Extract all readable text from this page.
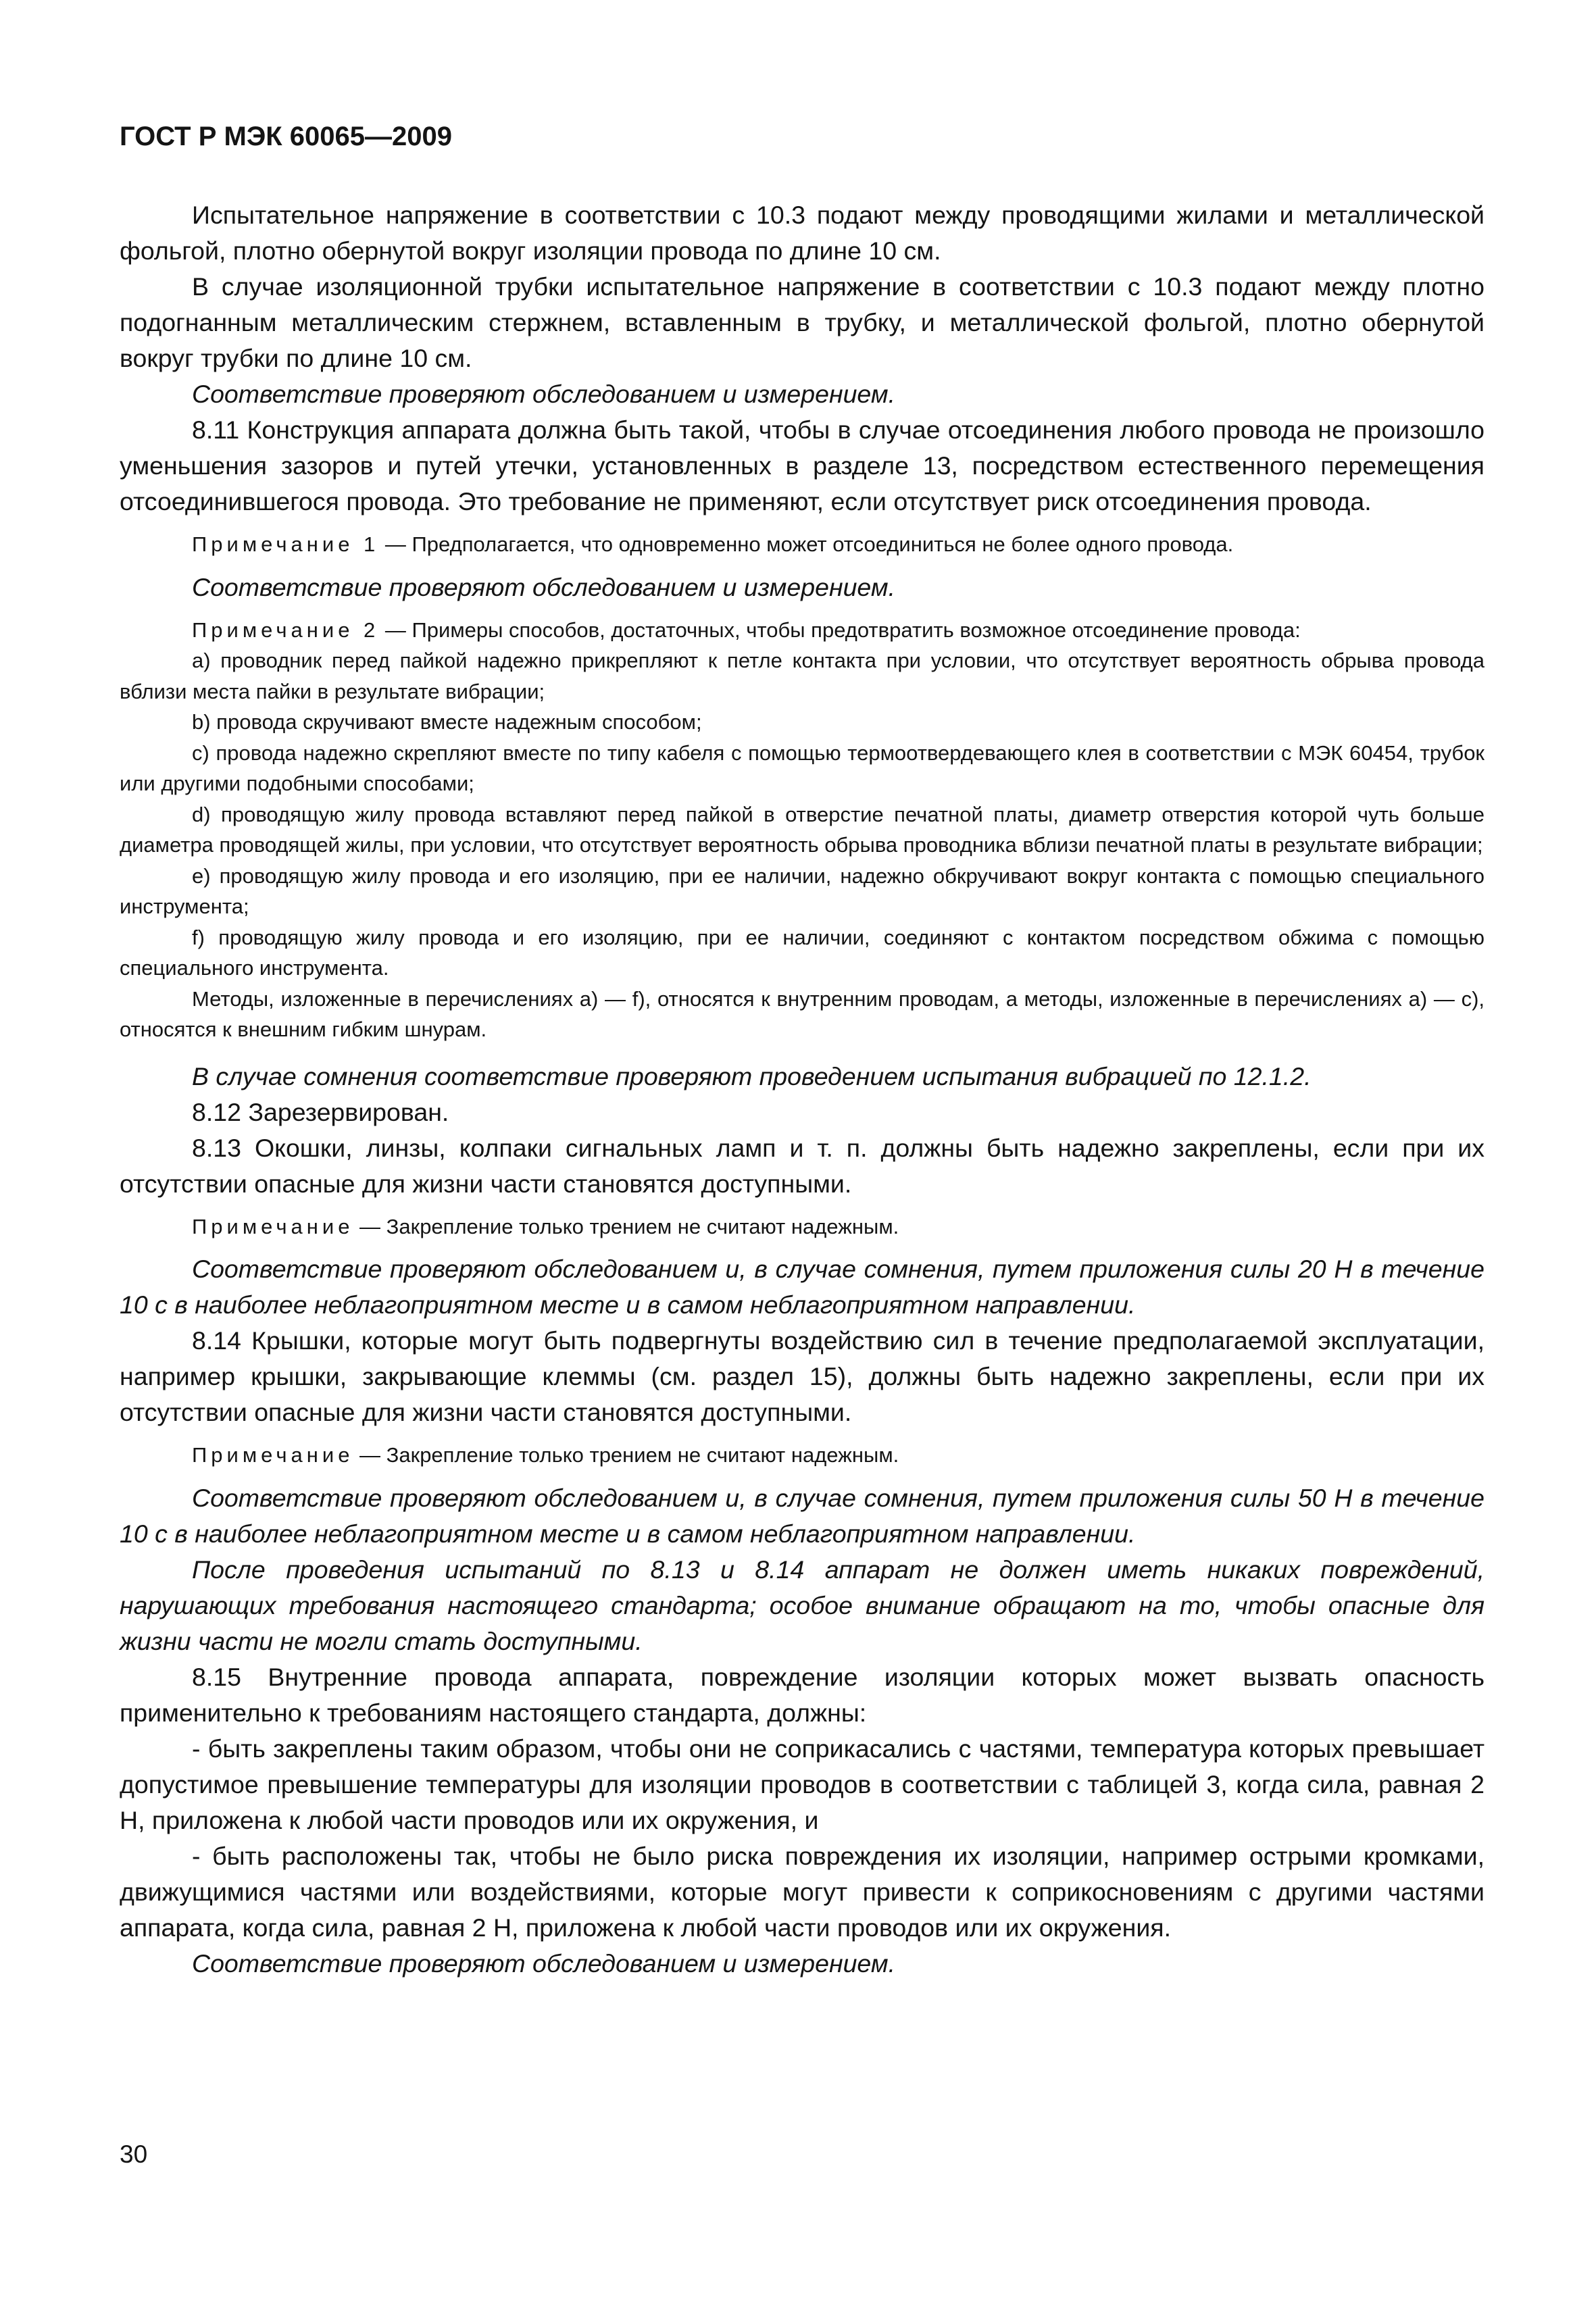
ГОСТ Р МЭК 60065—2009

Испытательное напряжение в соответствии с 10.3 подают между проводящими жилами и металлической фольгой, плотно обернутой вокруг изоляции провода по длине 10 см.

В случае изоляционной трубки испытательное напряжение в соответствии с 10.3 подают между плотно подогнанным металлическим стержнем, вставленным в трубку, и металлической фольгой, плотно обернутой вокруг трубки по длине 10 см.

Соответствие проверяют обследованием и измерением.

8.11 Конструкция аппарата должна быть такой, чтобы в случае отсоединения любого провода не произошло уменьшения зазоров и путей утечки, установленных в разделе 13, посредством естественного перемещения отсоединившегося провода. Это требование не применяют, если отсутствует риск отсоединения провода.

Примечание 1 — Предполагается, что одновременно может отсоединиться не более одного провода.

Соответствие проверяют обследованием и измерением.

Примечание 2 — Примеры способов, достаточных, чтобы предотвратить возможное отсоединение провода:

a) проводник перед пайкой надежно прикрепляют к петле контакта при условии, что отсутствует вероятность обрыва провода вблизи места пайки в результате вибрации;

b) провода скручивают вместе надежным способом;

c) провода надежно скрепляют вместе по типу кабеля с помощью термоотвердевающего клея в соответствии с МЭК 60454, трубок или другими подобными способами;

d) проводящую жилу провода вставляют перед пайкой в отверстие печатной платы, диаметр отверстия которой чуть больше диаметра проводящей жилы, при условии, что отсутствует вероятность обрыва проводника вблизи печатной платы в результате вибрации;

e) проводящую жилу провода и его изоляцию, при ее наличии, надежно обкручивают вокруг контакта с помощью специального инструмента;

f) проводящую жилу провода и его изоляцию, при ее наличии, соединяют с контактом посредством обжима с помощью специального инструмента.

Методы, изложенные в перечислениях a) — f), относятся к внутренним проводам, а методы, изложенные в перечислениях a) — c), относятся к внешним гибким шнурам.

В случае сомнения соответствие проверяют проведением испытания вибрацией по 12.1.2.

8.12 Зарезервирован.

8.13 Окошки, линзы, колпаки сигнальных ламп и т. п. должны быть надежно закреплены, если при их отсутствии опасные для жизни части становятся доступными.

Примечание — Закрепление только трением не считают надежным.

Соответствие проверяют обследованием и, в случае сомнения, путем приложения силы 20 Н в течение 10 с в наиболее неблагоприятном месте и в самом неблагоприятном направлении.

8.14 Крышки, которые могут быть подвергнуты воздействию сил в течение предполагаемой эксплуатации, например крышки, закрывающие клеммы (см. раздел 15), должны быть надежно закреплены, если при их отсутствии опасные для жизни части становятся доступными.

Примечание — Закрепление только трением не считают надежным.

Соответствие проверяют обследованием и, в случае сомнения, путем приложения силы 50 Н в течение 10 с в наиболее неблагоприятном месте и в самом неблагоприятном направлении.

После проведения испытаний по 8.13 и 8.14 аппарат не должен иметь никаких повреждений, нарушающих требования настоящего стандарта; особое внимание обращают на то, чтобы опасные для жизни части не могли стать доступными.

8.15 Внутренние провода аппарата, повреждение изоляции которых может вызвать опасность применительно к требованиям настоящего стандарта, должны:

- быть закреплены таким образом, чтобы они не соприкасались с частями, температура которых превышает допустимое превышение температуры для изоляции проводов в соответствии с таблицей 3, когда сила, равная 2 Н, приложена к любой части проводов или их окружения, и

- быть расположены так, чтобы не было риска повреждения их изоляции, например острыми кромками, движущимися частями или воздействиями, которые могут привести к соприкосновениям с другими частями аппарата, когда сила, равная 2 Н, приложена к любой части проводов или их окружения.

Соответствие проверяют обследованием и измерением.

30
